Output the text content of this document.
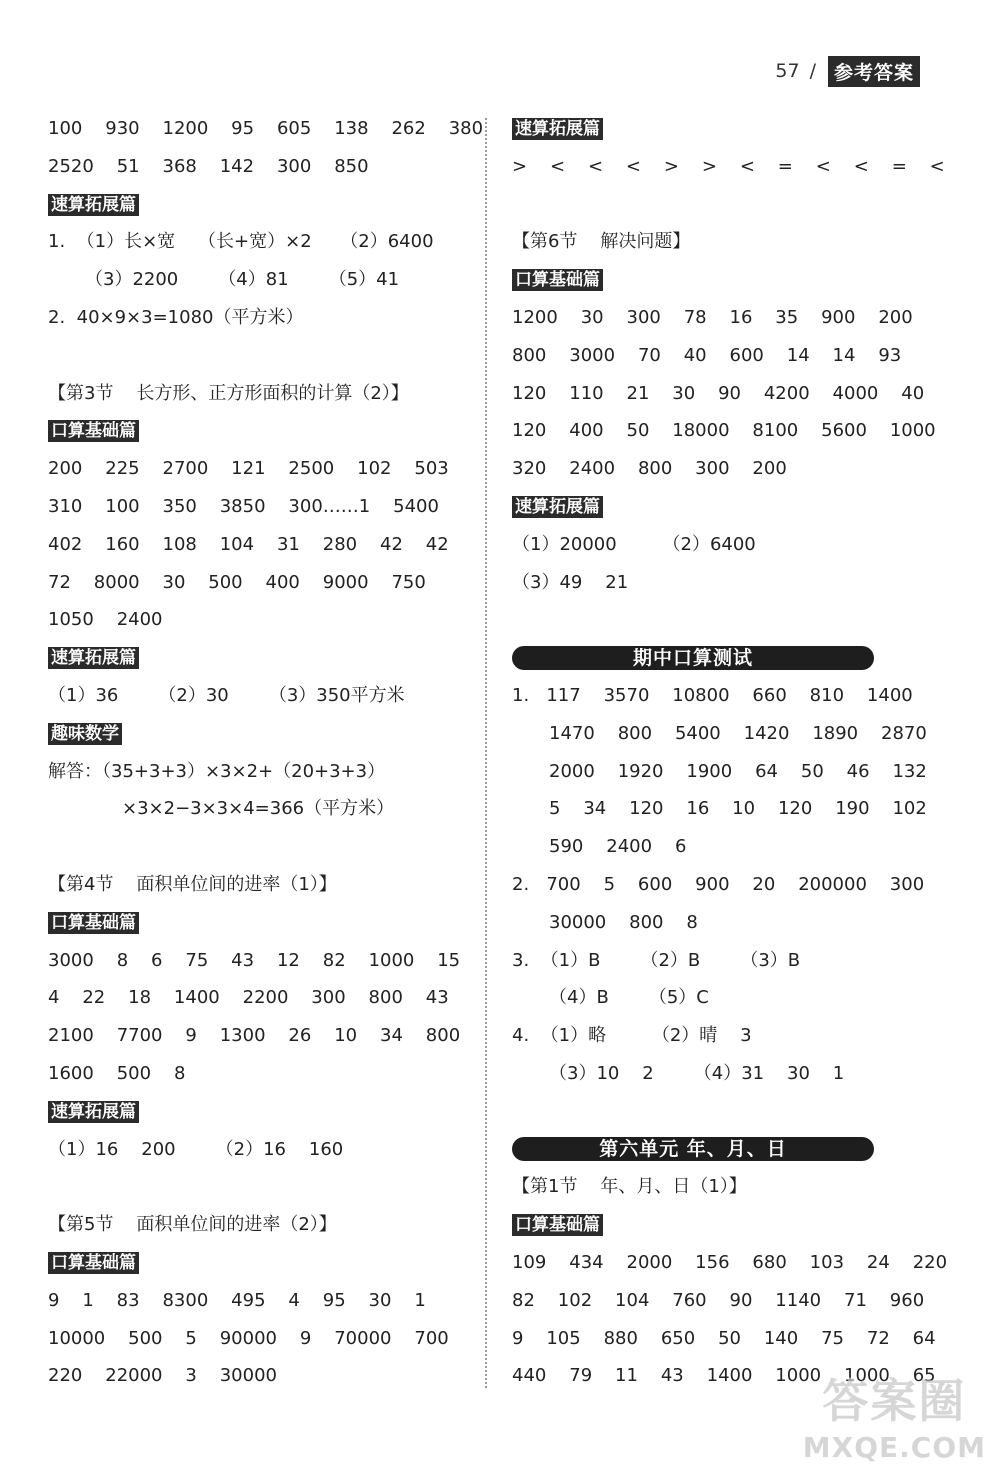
57 / 参考答案
100    930    1200    95    605    138    262    380
2520    51    368    142    300    850
速算拓展篇
1.  （1）长×宽    （长+宽）×2     （2）6400
（3）2200       （4）81       （5）41
2.  40×9×3=1080（平方米）
【第3节    长方形、正方形面积的计算（2）】
口算基础篇
200    225    2700    121    2500    102    503
310    100    350    3850    300……1    5400
402    160    108    104    31    280    42    42
72    8000    30    500    400    9000    750
1050    2400
速算拓展篇
（1）36       （2）30       （3）350平方米
趣味数学
解答：（35+3+3）×3×2+（20+3+3）
×3×2−3×3×4=366（平方米）
【第4节    面积单位间的进率（1）】
口算基础篇
3000    8    6    75    43    12    82    1000    15
4    22    18    1400    2200    300    800    43
2100    7700    9    1300    26    10    34    800
1600    500    8
速算拓展篇
（1）16    200       （2）16    160
【第5节    面积单位间的进率（2）】
口算基础篇
9    1    83    8300    495    4    95    30    1
10000    500    5    90000    9    70000    700
220    22000    3    30000
速算拓展篇
>    <    <    <    >    >    <    =    <    <    =    <
【第6节    解决问题】
口算基础篇
1200    30    300    78    16    35    900    200
800    3000    70    40    600    14    14    93
120    110    21    30    90    4200    4000    40
120    400    50    18000    8100    5600    1000
320    2400    800    300    200
速算拓展篇
（1）20000        （2）6400
（3）49    21
期中口算测试
1.   117    3570    10800    660    810    1400
1470    800    5400    1420    1890    2870
2000    1920    1900    64    50    46    132
5    34    120    16    10    120    190    102
590    2400    6
2.   700    5    600    900    20    200000    300
30000    800    8
3.  （1）B       （2）B       （3）B
（4）B       （5）C
4.  （1）略        （2）晴    3
（3）10    2       （4）31    30    1
第六单元 年、月、日
【第1节    年、月、日（1）】
口算基础篇
109    434    2000    156    680    103    24    220
82    102    104    760    90    1140    71    960
9    105    880    650    50    140    75    72    64
440    79    11    43    1400    1000    1000    65
答案圈
MXQE.COM
